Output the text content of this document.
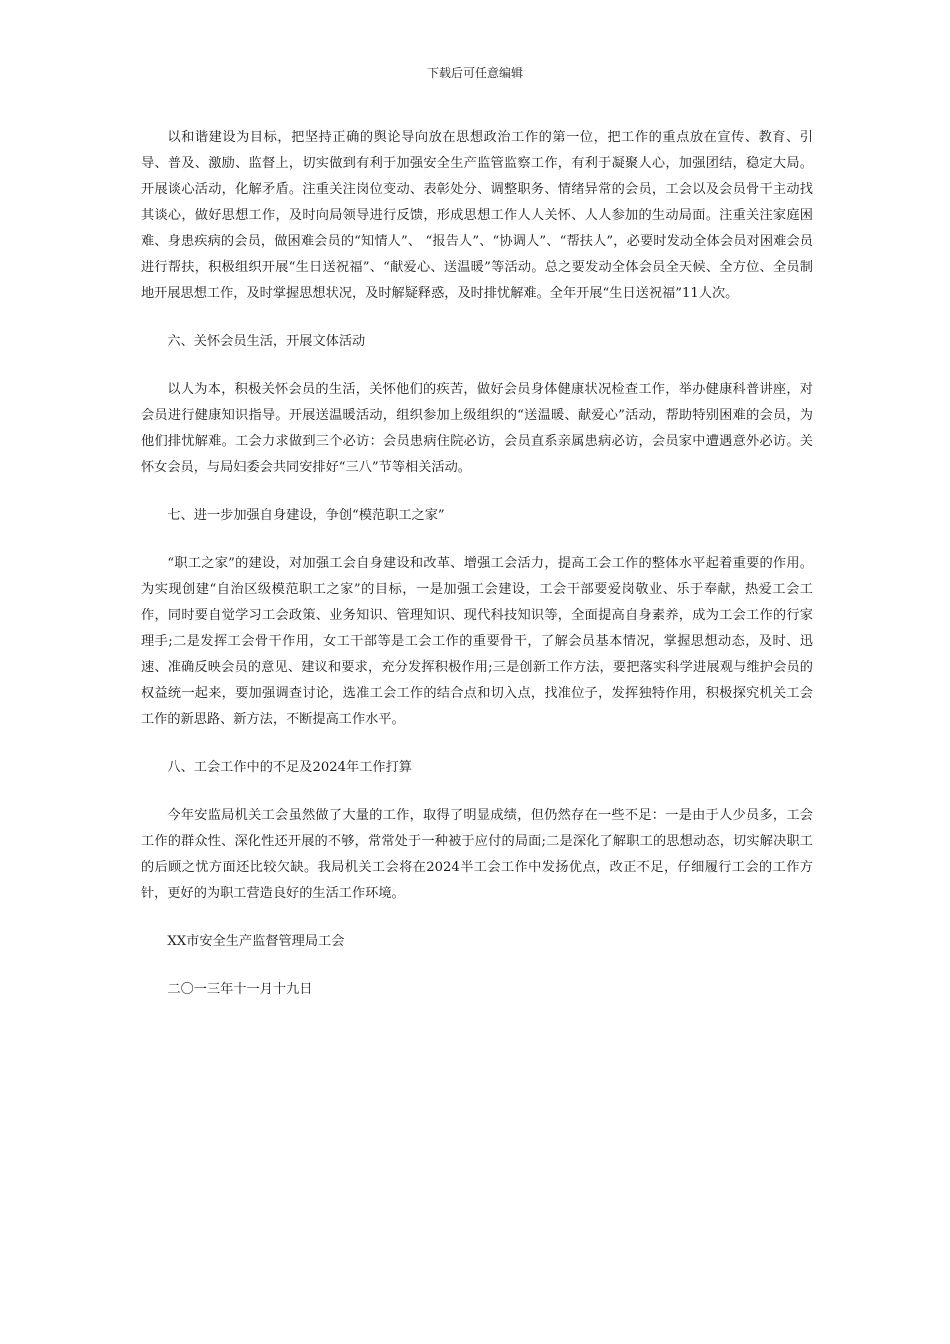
下载后可任意编辑

以和谐建设为目标，把坚持正确的舆论导向放在思想政治工作的第一位，把工作的重点放在宣传、教育、引导、普及、激励、监督上，切实做到有利于加强安全生产监管监察工作，有利于凝聚人心，加强团结，稳定大局。开展谈心活动，化解矛盾。注重关注岗位变动、表彰处分、调整职务、情绪异常的会员，工会以及会员骨干主动找其谈心，做好思想工作，及时向局领导进行反馈，形成思想工作人人关怀、人人参加的生动局面。注重关注家庭困难、身患疾病的会员，做困难会员的“知情人”、 “报告人”、“协调人”、“帮扶人”，必要时发动全体会员对困难会员进行帮扶，积极组织开展“生日送祝福”、“献爱心、送温暖”等活动。总之要发动全体会员全天候、全方位、全员制地开展思想工作，及时掌握思想状况，及时解疑释惑，及时排忧解难。全年开展“生日送祝福”11人次。

六、关怀会员生活，开展文体活动

以人为本，积极关怀会员的生活，关怀他们的疾苦，做好会员身体健康状况检查工作，举办健康科普讲座，对会员进行健康知识指导。开展送温暖活动，组织参加上级组织的“送温暖、献爱心”活动，帮助特别困难的会员，为他们排忧解难。工会力求做到三个必访：会员患病住院必访，会员直系亲属患病必访，会员家中遭遇意外必访。关怀女会员，与局妇委会共同安排好“三八”节等相关活动。

七、进一步加强自身建设，争创“模范职工之家”

“职工之家”的建设，对加强工会自身建设和改革、增强工会活力，提高工会工作的整体水平起着重要的作用。为实现创建“自治区级模范职工之家”的目标，一是加强工会建设，工会干部要爱岗敬业、乐于奉献，热爱工会工作，同时要自觉学习工会政策、业务知识、管理知识、现代科技知识等，全面提高自身素养，成为工会工作的行家理手;二是发挥工会骨干作用，女工干部等是工会工作的重要骨干，了解会员基本情况，掌握思想动态，及时、迅速、准确反映会员的意见、建议和要求，充分发挥积极作用;三是创新工作方法，要把落实科学进展观与维护会员的权益统一起来，要加强调查讨论，选准工会工作的结合点和切入点，找准位子，发挥独特作用，积极探究机关工会工作的新思路、新方法，不断提高工作水平。

八、工会工作中的不足及2024年工作打算

今年安监局机关工会虽然做了大量的工作，取得了明显成绩，但仍然存在一些不足：一是由于人少员多，工会工作的群众性、深化性还开展的不够，常常处于一种被于应付的局面;二是深化了解职工的思想动态，切实解决职工的后顾之忧方面还比较欠缺。我局机关工会将在2024半工会工作中发扬优点，改正不足，仔细履行工会的工作方针，更好的为职工营造良好的生活工作环境。

XX市安全生产监督管理局工会

二〇一三年十一月十九日
